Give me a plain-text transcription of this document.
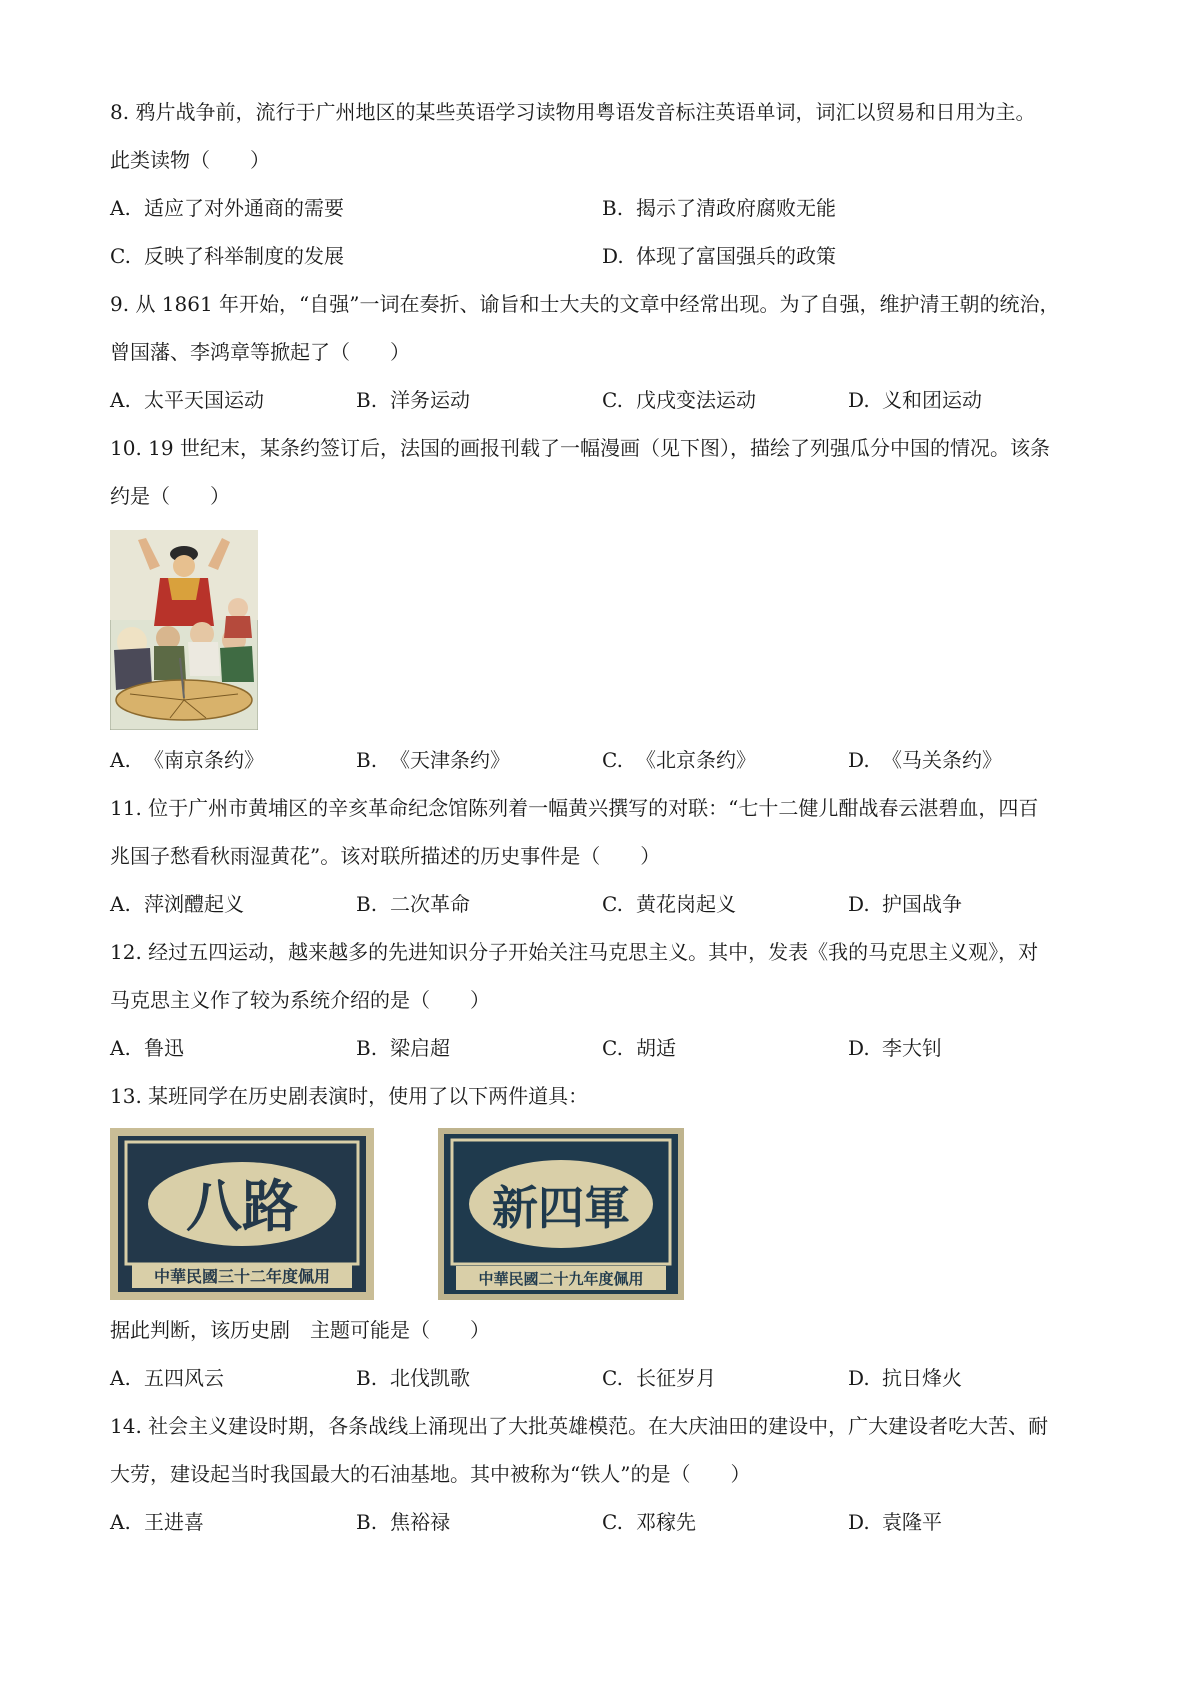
8. 鸦片战争前，流行于广州地区的某些英语学习读物用粤语发音标注英语单词，词汇以贸易和日用为主。
此类读物（　　）
A. 适应了对外通商的需要	B. 揭示了清政府腐败无能
C. 反映了科举制度的发展	D. 体现了富国强兵的政策
9. 从 1861 年开始，“自强”一词在奏折、谕旨和士大夫的文章中经常出现。为了自强，维护清王朝的统治，
曾国藩、李鸿章等掀起了（　　）
A. 太平天国运动	B. 洋务运动	C. 戊戌变法运动	D. 义和团运动
10. 19 世纪末，某条约签订后，法国的画报刊载了一幅漫画（见下图），描绘了列强瓜分中国的情况。该条
约是（　　）
A. 《南京条约》	B. 《天津条约》	C. 《北京条约》	D. 《马关条约》
11. 位于广州市黄埔区的辛亥革命纪念馆陈列着一幅黄兴撰写的对联：“七十二健儿酣战春云湛碧血，四百
兆国子愁看秋雨湿黄花”。该对联所描述的历史事件是（　　）
A. 萍浏醴起义	B. 二次革命	C. 黄花岗起义	D. 护国战争
12. 经过五四运动，越来越多的先进知识分子开始关注马克思主义。其中，发表《我的马克思主义观》，对
马克思主义作了较为系统介绍的是（　　）
A. 鲁迅	B. 梁启超	C. 胡适	D. 李大钊
13. 某班同学在历史剧表演时，使用了以下两件道具：
八路
中華民國三十二年度佩用
新四軍
中華民國二十九年度佩用
据此判断，该历史剧　主题可能是（　　）
A. 五四风云	B. 北伐凯歌	C. 长征岁月	D. 抗日烽火
14. 社会主义建设时期，各条战线上涌现出了大批英雄模范。在大庆油田的建设中，广大建设者吃大苦、耐
大劳，建设起当时我国最大的石油基地。其中被称为“铁人”的是（　　）
A. 王进喜	B. 焦裕禄	C. 邓稼先	D. 袁隆平
